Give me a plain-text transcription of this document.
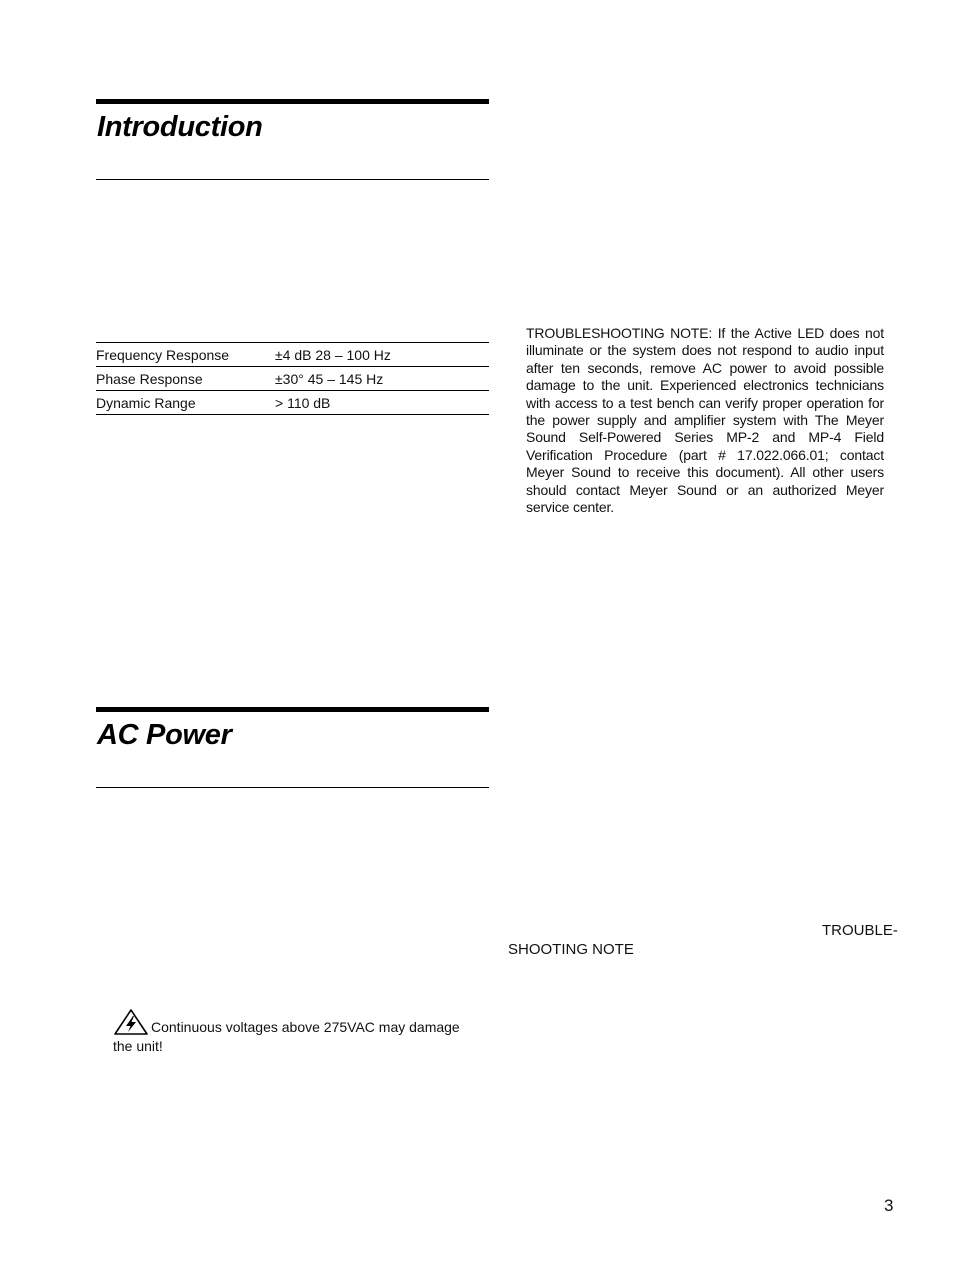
Introduction
Frequency Response	±4 dB 28 – 100 Hz
Phase Response	±30° 45 – 145 Hz
Dynamic Range	> 110 dB

TROUBLESHOOTING NOTE: If the Active LED does not illuminate or the system does not respond to audio input after ten seconds, remove AC power to avoid possible damage to the unit. Experienced electronics technicians with access to a test bench can verify proper operation for the power supply and amplifier system with The Meyer Sound Self-Powered Series MP-2 and MP-4 Field Verification Procedure (part # 17.022.066.01; contact Meyer Sound to receive this document). All other users should contact Meyer Sound or an authorized Meyer service center.

AC Power

TROUBLE-

SHOOTING NOTE

Continuous voltages above 275VAC may damage the unit!

3
